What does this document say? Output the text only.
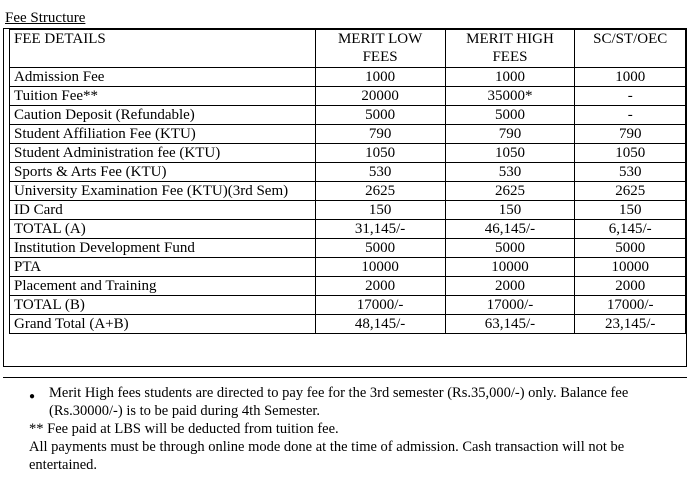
Fee Structure
FEE DETAILS	MERIT LOW FEES	MERIT HIGH FEES	SC/ST/OEC
Admission Fee	1000	1000	1000
Tuition Fee**	20000	35000*	-
Caution Deposit (Refundable)	5000	5000	-
Student Affiliation Fee (KTU)	790	790	790
Student Administration fee (KTU)	1050	1050	1050
Sports & Arts Fee (KTU)	530	530	530
University Examination Fee (KTU)(3rd Sem)	2625	2625	2625
ID Card	150	150	150
TOTAL (A)	31,145/-	46,145/-	6,145/-
Institution Development Fund	5000	5000	5000
PTA	10000	10000	10000
Placement and Training	2000	2000	2000
TOTAL (B)	17000/-	17000/-	17000/-
Grand Total (A+B)	48,145/-	63,145/-	23,145/-
● Merit High fees students are directed to pay fee for the 3rd semester (Rs.35,000/-) only. Balance fee
(Rs.30000/-) is to be paid during 4th Semester.
** Fee paid at LBS will be deducted from tuition fee.
All payments must be through online mode done at the time of admission. Cash transaction will not be
entertained.
